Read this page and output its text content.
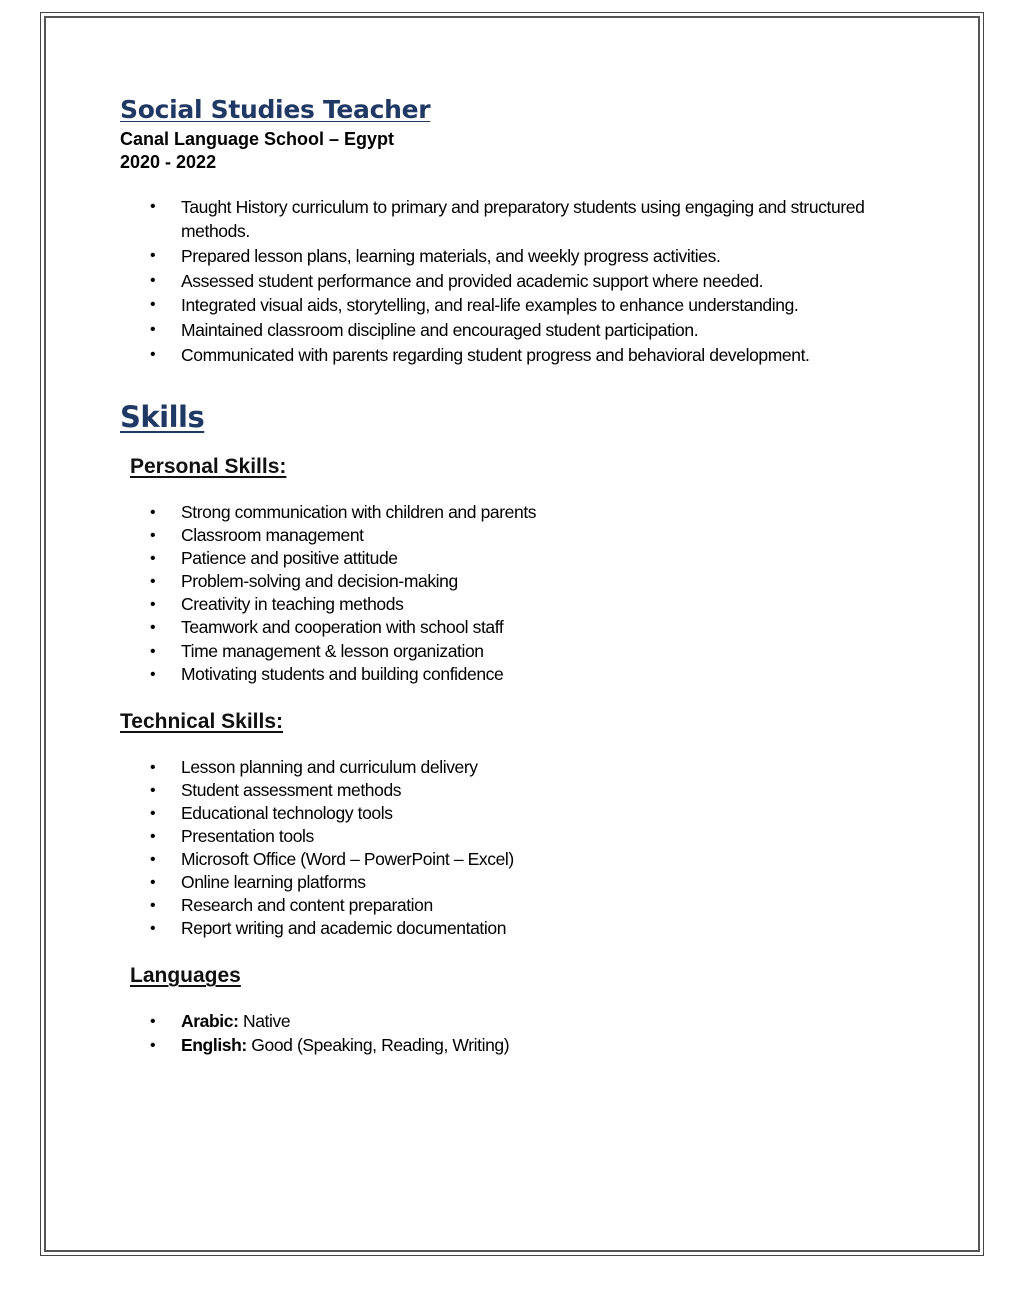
Social Studies Teacher

Canal Language School – Egypt

2020 - 2022

• Taught History curriculum to primary and preparatory students using engaging and structured methods.
• Prepared lesson plans, learning materials, and weekly progress activities.
• Assessed student performance and provided academic support where needed.
• Integrated visual aids, storytelling, and real-life examples to enhance understanding.
• Maintained classroom discipline and encouraged student participation.
• Communicated with parents regarding student progress and behavioral development.
Skills
Personal Skills:
• Strong communication with children and parents
• Classroom management
• Patience and positive attitude
• Problem-solving and decision-making
• Creativity in teaching methods
• Teamwork and cooperation with school staff
• Time management & lesson organization
• Motivating students and building confidence
Technical Skills:
• Lesson planning and curriculum delivery
• Student assessment methods
• Educational technology tools
• Presentation tools
• Microsoft Office (Word – PowerPoint – Excel)
• Online learning platforms
• Research and content preparation
• Report writing and academic documentation
Languages
• Arabic: Native
• English: Good (Speaking, Reading, Writing)
